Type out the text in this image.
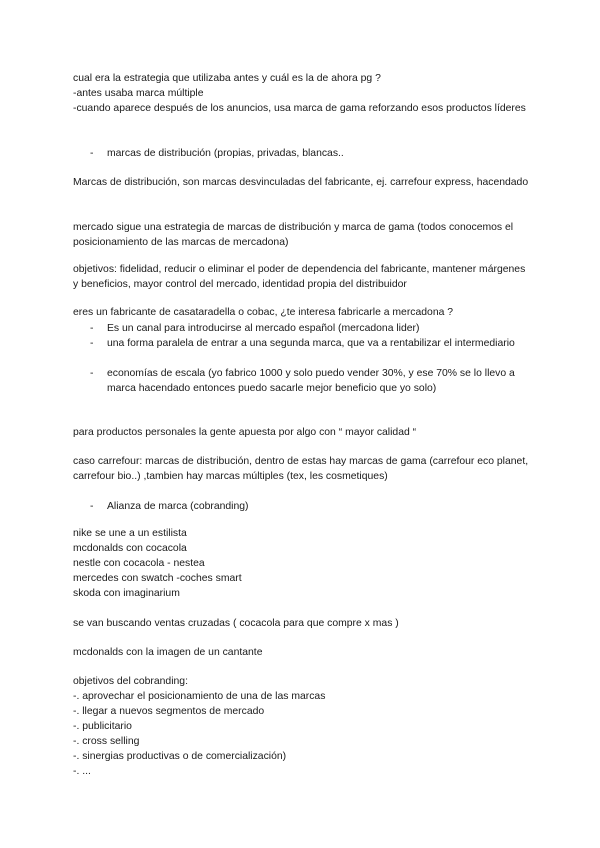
cual era la estrategia que utilizaba antes y cuál es la de ahora pg ?

-antes usaba marca múltiple

-cuando aparece después de los anuncios, usa marca de gama reforzando esos productos líderes

- marcas de distribución (propias, privadas, blancas..

Marcas de distribución, son marcas desvinculadas del fabricante, ej. carrefour express, hacendado

mercado sigue una estrategia de marcas de distribución y marca de gama (todos conocemos el posicionamiento de las marcas de mercadona)

objetivos: fidelidad, reducir o eliminar el poder de dependencia del fabricante, mantener márgenes y beneficios, mayor control del mercado, identidad propia del distribuidor

eres un fabricante de casataradella o cobac, ¿te interesa fabricarle a mercadona ?

- Es un canal para introducirse al mercado español (mercadona lider)

- una forma paralela de entrar a una segunda marca, que va a rentabilizar el intermediario

- economías de escala (yo fabrico 1000 y solo puedo vender 30%, y ese 70% se lo llevo a marca hacendado entonces puedo sacarle mejor beneficio que yo solo)

para productos personales la gente apuesta por algo con “ mayor calidad “

caso carrefour: marcas de distribución, dentro de estas hay marcas de gama (carrefour eco planet, carrefour bio..) ,tambien hay marcas múltiples (tex, les cosmetiques)

- Alianza de marca (cobranding)

nike se une a un estilista

mcdonalds con cocacola

nestle con cocacola - nestea

mercedes con swatch -coches smart

skoda con imaginarium

se van buscando ventas cruzadas ( cocacola para que compre x mas )

mcdonalds con la imagen de un cantante

objetivos del cobranding:

-. aprovechar el posicionamiento de una de las marcas

-. llegar a nuevos segmentos de mercado

-. publicitario

-. cross selling

-. sinergias productivas o de comercialización)

-. ...
